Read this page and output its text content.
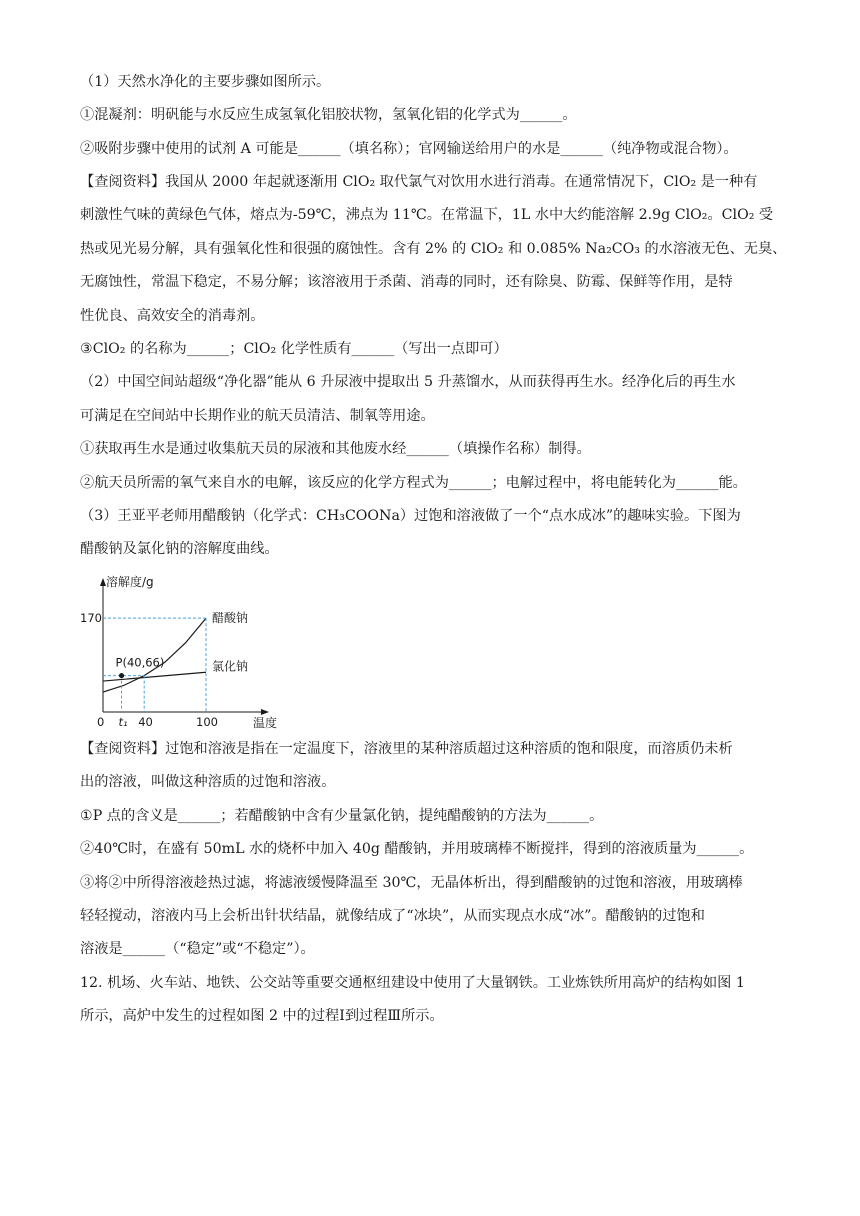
（1）天然水净化的主要步骤如图所示。
①混凝剂：明矾能与水反应生成氢氧化铝胶状物，氢氧化铝的化学式为______。
②吸附步骤中使用的试剂 A 可能是______（填名称）；官网输送给用户的水是______（纯净物或混合物）。
【查阅资料】我国从 2000 年起就逐渐用 ClO₂ 取代氯气对饮用水进行消毒。在通常情况下，ClO₂ 是一种有
刺激性气味的黄绿色气体，熔点为-59℃，沸点为 11℃。在常温下，1L 水中大约能溶解 2.9g ClO₂。ClO₂ 受
热或见光易分解，具有强氧化性和很强的腐蚀性。含有 2% 的 ClO₂ 和 0.085% Na₂CO₃ 的水溶液无色、无臭、
无腐蚀性，常温下稳定，不易分解；该溶液用于杀菌、消毒的同时，还有除臭、防霉、保鲜等作用，是特
性优良、高效安全的消毒剂。
③ClO₂ 的名称为______；ClO₂ 化学性质有______（写出一点即可）
（2）中国空间站超级“净化器”能从 6 升尿液中提取出 5 升蒸馏水，从而获得再生水。经净化后的再生水
可满足在空间站中长期作业的航天员清洁、制氧等用途。
①获取再生水是通过收集航天员的尿液和其他废水经______（填操作名称）制得。
②航天员所需的氧气来自水的电解，该反应的化学方程式为______；电解过程中，将电能转化为______能。
（3）王亚平老师用醋酸钠（化学式：CH₃COONa）过饱和溶液做了一个“点水成冰”的趣味实验。下图为
醋酸钠及氯化钠的溶解度曲线。
溶解度/g
温度
P(40,66)
醋酸钠
氯化钠
170
0 t₁ 40	100
【查阅资料】过饱和溶液是指在一定温度下，溶液里的某种溶质超过这种溶质的饱和限度，而溶质仍未析
出的溶液，叫做这种溶质的过饱和溶液。
①P 点的含义是______；若醋酸钠中含有少量氯化钠，提纯醋酸钠的方法为______。
②40℃时，在盛有 50mL 水的烧杯中加入 40g 醋酸钠，并用玻璃棒不断搅拌，得到的溶液质量为______。
③将②中所得溶液趁热过滤，将滤液缓慢降温至 30℃，无晶体析出，得到醋酸钠的过饱和溶液，用玻璃棒
轻轻搅动，溶液内马上会析出针状结晶，就像结成了“冰块”，从而实现点水成“冰”。醋酸钠的过饱和
溶液是______（“稳定”或“不稳定”）。
12. 机场、火车站、地铁、公交站等重要交通枢纽建设中使用了大量钢铁。工业炼铁所用高炉的结构如图 1
所示，高炉中发生的过程如图 2 中的过程Ⅰ到过程Ⅲ所示。
